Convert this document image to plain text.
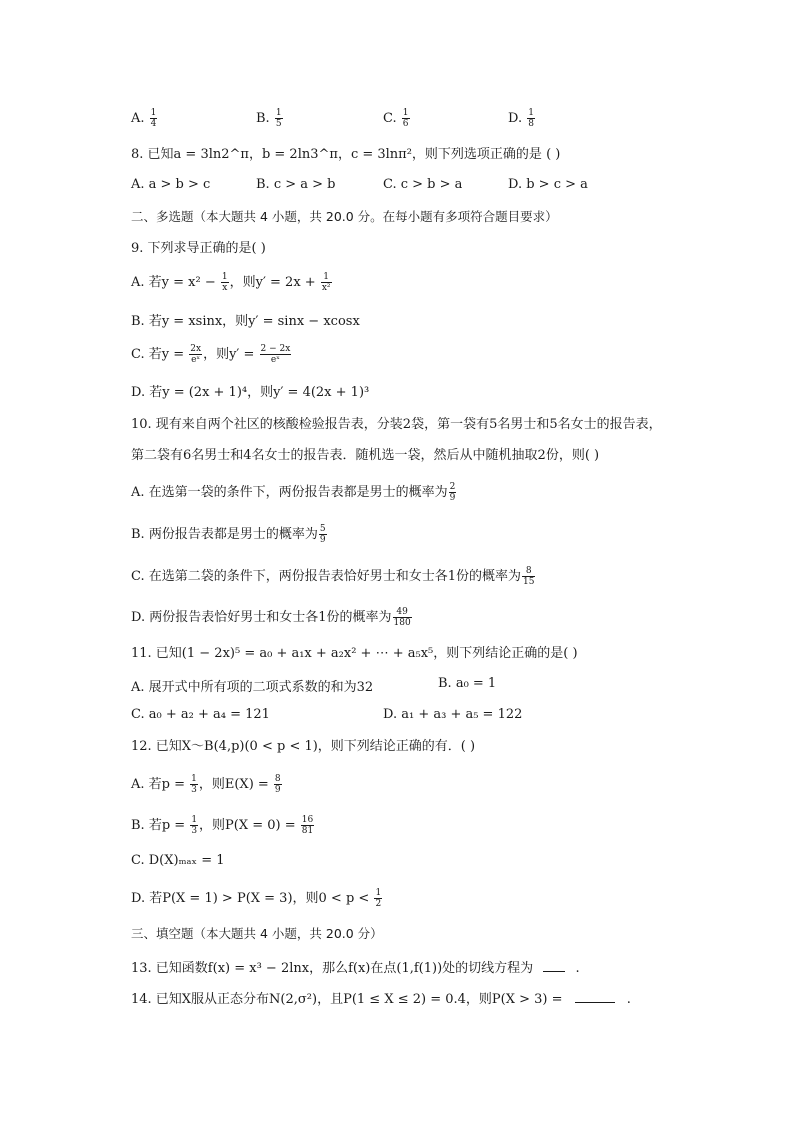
A. $\frac{1}{4}$	B. $\frac{1}{5}$	C. $\frac{1}{6}$	D. $\frac{1}{8}$
8. 已知a = 3ln2^π，b = 2ln3^π，c = 3lnπ²，则下列选项正确的是 ( )
A. a > b > c	B. c > a > b	C. c > b > a	D. b > c > a
二、多选题（本大题共 4 小题，共 20.0 分。在每小题有多项符合题目要求）
9. 下列求导正确的是( )
A. 若$y = x^2 - \frac{1}{x}$ ，则$y' = 2x + \frac{1}{\text{x²}}$
B. 若y = xsinx，则y′ = sinx − xcosx
C. 若$y = \frac{2x}{\text{eˣ}}$ ，则$y' = \frac{2 - 2x}{\text{eˣ}}$
D. 若y = (2x + 1)⁴，则y′ = 4(2x + 1)³
10. 现有来自两个社区的核酸检验报告表，分装2袋，第一袋有5名男士和5名女士的报告表，
第二袋有6名男士和4名女士的报告表．随机选一袋，然后从中随机抽取2份，则( )
A. 在选第一袋的条件下，两份报告表都是男士的概率为 $\frac{2}{9}$
B. 两份报告表都是男士的概率为 $\frac{5}{9}$
C. 在选第二袋的条件下，两份报告表恰好男士和女士各1份的概率为 $\frac{8}{15}$
D. 两份报告表恰好男士和女士各1份的概率为 $\frac{49}{180}$
11. 已知(1 − 2x)⁵ = a₀ + a₁x + a₂x² + ⋯ + a₅x⁵，则下列结论正确的是( )
A. 展开式中所有项的二项式系数的和为32	B. a₀ = 1
C. a₀ + a₂ + a₄ = 121	D. a₁ + a₃ + a₅ = 122
12. 已知X～B(4,p)(0 < p < 1)，则下列结论正确的有．( )
A. 若$p = \frac{1}{3}$ ，则$E(X) = \frac{8}{9}$
B. 若$p = \frac{1}{3}$ ，则$P(X = 0) = \frac{16}{81}$
C. D(X)ₘₐₓ = 1
D. 若P(X = 1) > P(X = 3)，则$0 < p < \frac{1}{2}$
三、填空题（本大题共 4 小题，共 20.0 分）
13. 已知函数f(x) = x³ − 2lnx，那么f(x)在点(1,f(1))处的切线方程为	.
14. 已知X服从正态分布N(2,σ²)，且P(1 ≤ X ≤ 2) = 0.4，则P(X > 3) =	.
